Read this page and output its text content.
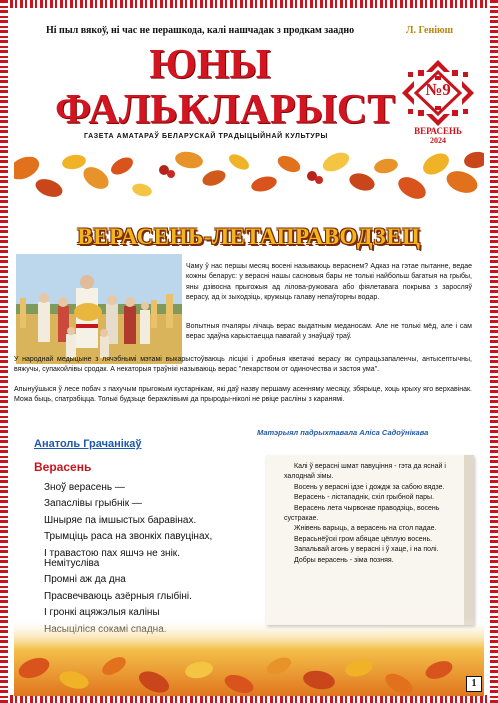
Ні пыл вякоў, ні час не перашкода, калі нашчадак з продкам заадно	Л. Геніюш
ЮНЫ
ФАЛЬКЛАРЫСТ
ГАЗЕТА АМАТАРАЎ БЕЛАРУСКАЙ ТРАДЫЦЫЙНАЙ КУЛЬТУРЫ
№9
ВЕРАСЕНЬ
2024
ВЕРАСЕНЬ-ЛЕТАПРАВОДЗЕЦ

Чаму ў нас першы месяц восені называюць вераснем? Адказ на гэтае пытанне, ведае кожны беларус: у верасні нашы сасновыя бары не толькі найбольш багатыя на грыбы, яны дзівосна прыгожыя ад ліловa-ружовага або фіялетавага покрыва з заросляў верасу, ад іх зыходзіць, кружыць галаву непаўторны водар.

Вопытныя пчаляры лічаць верас выдатным меданосам. Але не толькі мёд, але і сам верас здаўна карыстаецца павагай у знаўцаў траў.

У народнай медыцыне з лячэбнымі мэтамі выкарыстоўваюць лісцікі і дробныя кветачкі верасу як супрацьзапаленчы, антысептычны, вяжучы, супакойлівы сродак. А некаторыя траўнікі называюць верас "лекарством от одиночества и застоя ума".

Апынуўшыся ў лесе побач з пахучым прыгожым кустарнікам, які даў назву першаму асенняму месяцу, збярыце, хоць крыху яго верхавінак. Можа быць, спатрэбіцца. Толькі будзьце беражлівымі да прыроды-ніколі не рвіце расліны з каранямі.

Матэрыял падрыхтавала Аліса Садоўнікава
Анатоль Грачанікаў
Верасень
Зноў верасень —
Запаслівы грыбнік —
Шныряе па імшыстых баравінах.
Трымціць раса на звонкіх павуцінах,
І травастою пах яшчэ не знік.
Немітусліва
Промні аж да дна
Прасвечваюць азёрныя глыбіні.
І гронкі ацяжэлыя каліны
Калі ў верасні шмат павуціння - гэта да яснай і халоднай зімы.
Восень у верасні ідзе і дождж за сабою вядзе.
Верасень - лістападнік, схіл грыбной пары.
Верасень лета чырвонае праводзіць, восень сустракае.
Жнівень варыць, а верасень на стол падае.
Верасьнёўскі гром абяцае цёплую восень.
Запальвай агонь у верасні і ў хаце, і на полі.
Добры верасень - зіма позняя.
1
